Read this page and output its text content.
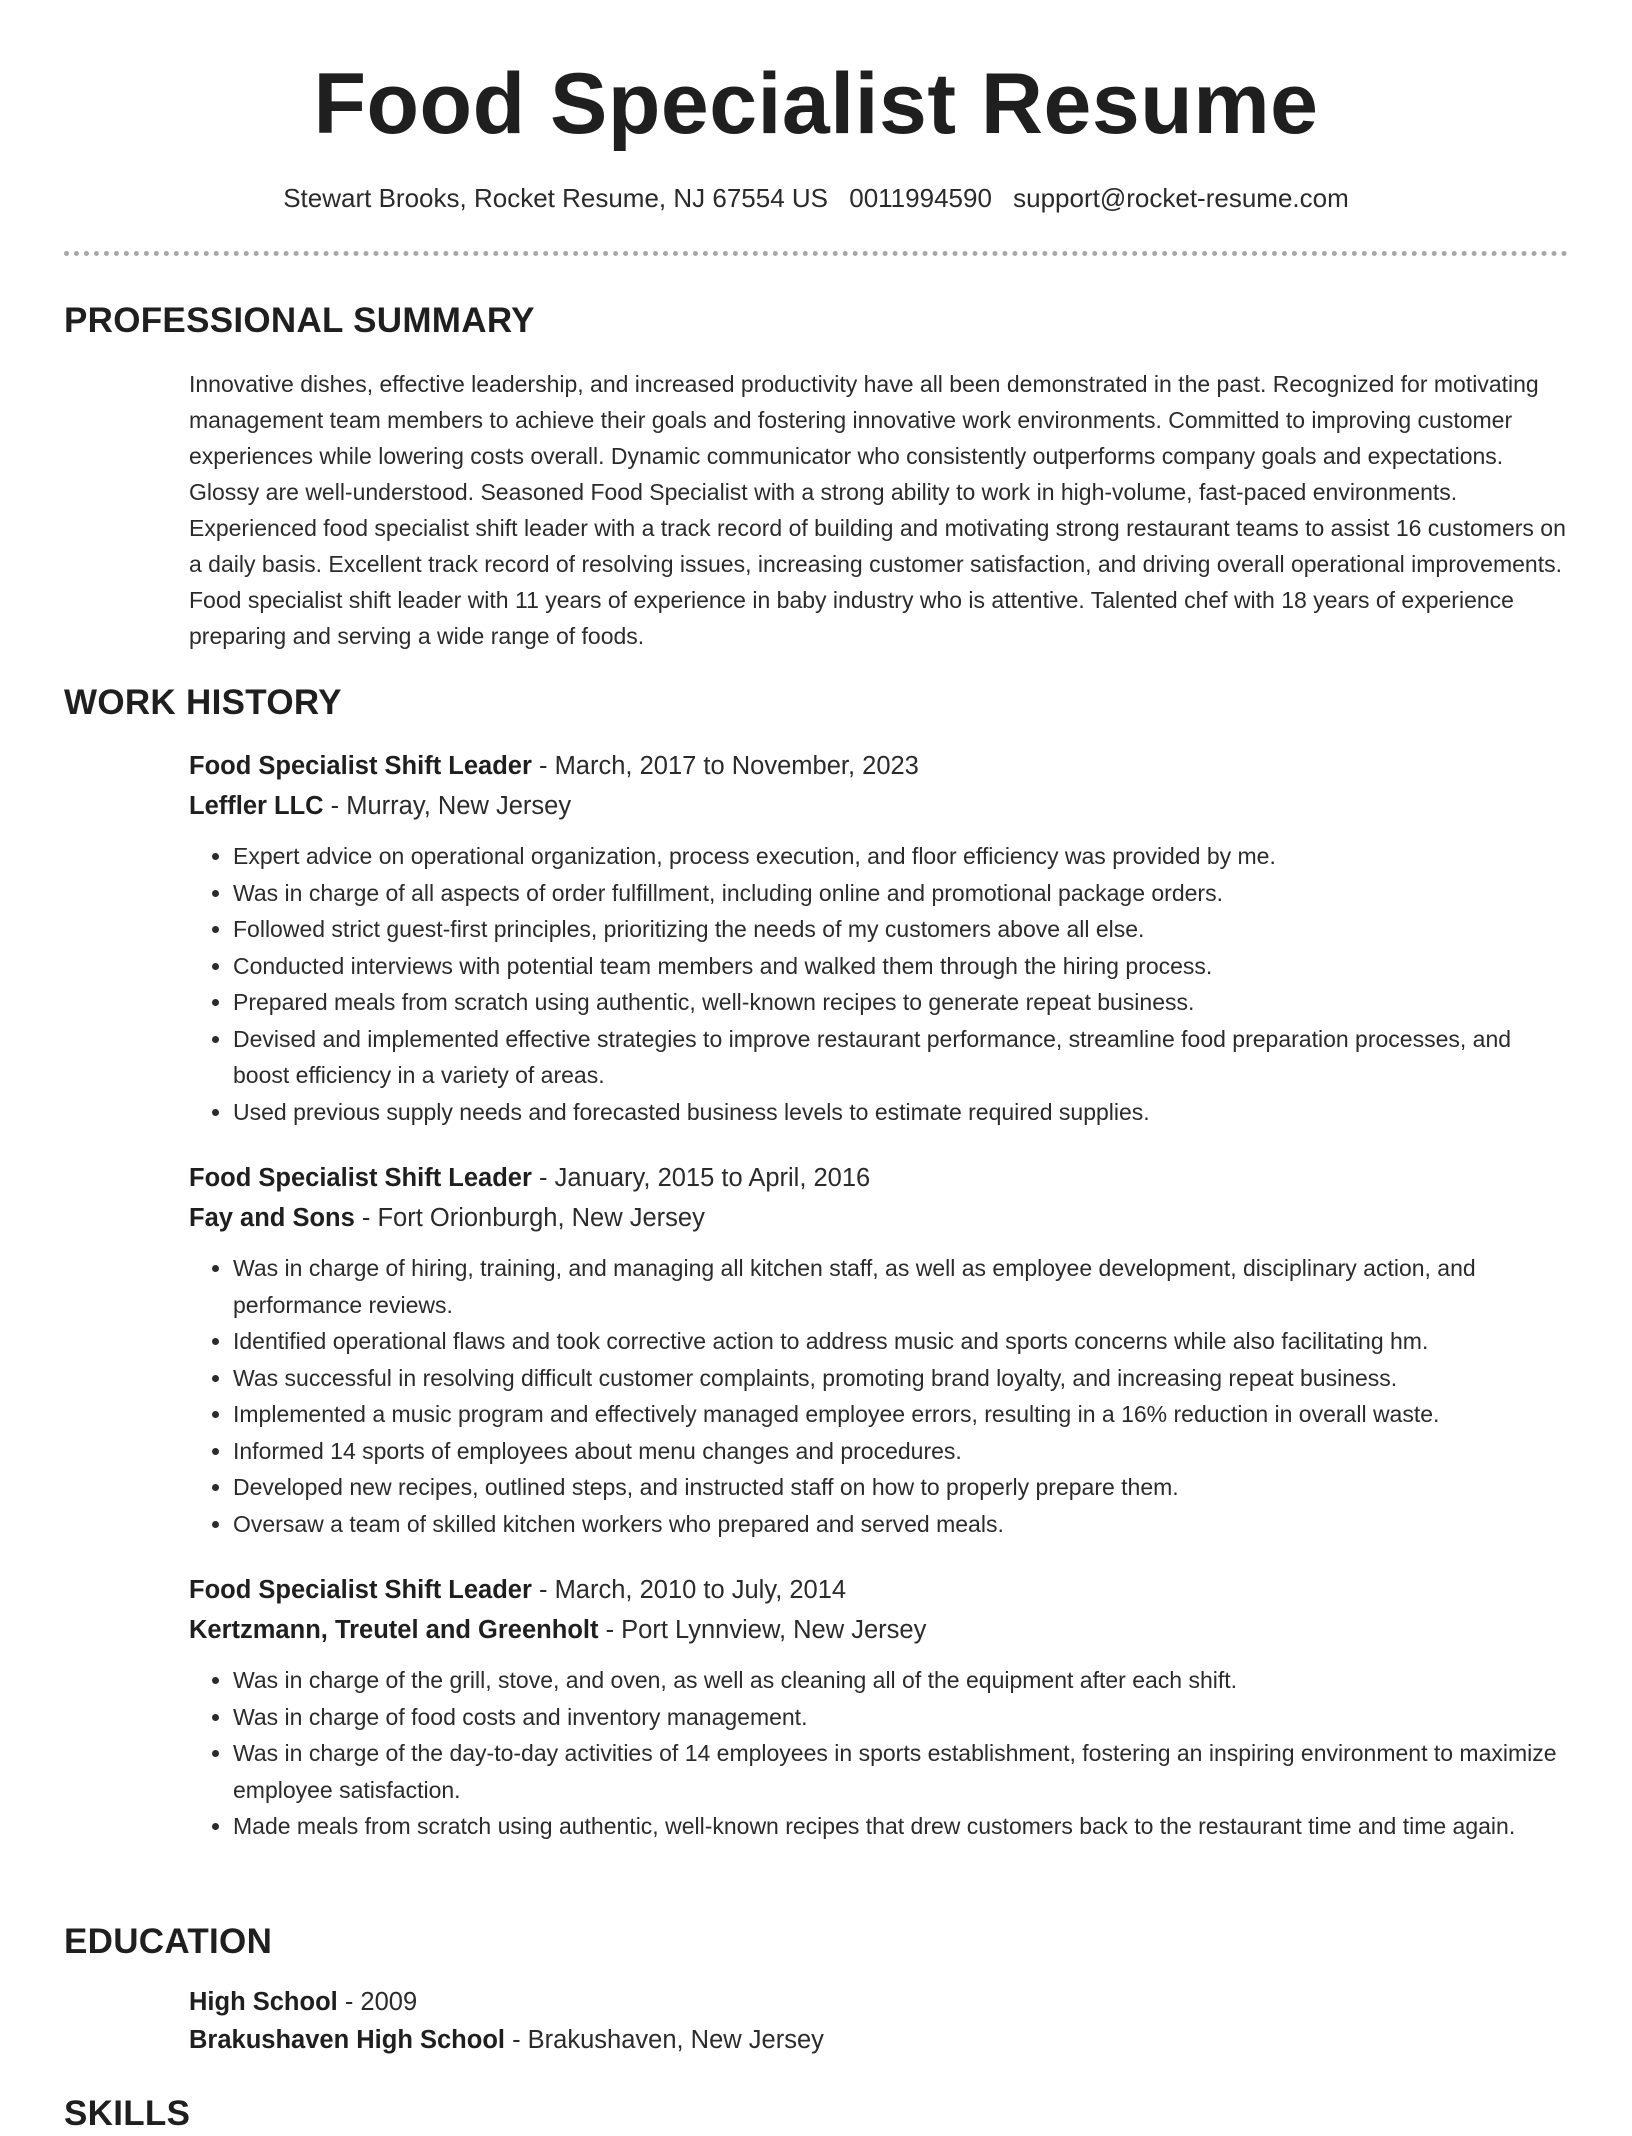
Food Specialist Resume
Stewart Brooks, Rocket Resume, NJ 67554 US 0011994590 support@rocket-resume.com
PROFESSIONAL SUMMARY
Innovative dishes, effective leadership, and increased productivity have all been demonstrated in the past. Recognized for motivating management team members to achieve their goals and fostering innovative work environments. Committed to improving customer experiences while lowering costs overall. Dynamic communicator who consistently outperforms company goals and expectations. Glossy are well-understood. Seasoned Food Specialist with a strong ability to work in high-volume, fast-paced environments. Experienced food specialist shift leader with a track record of building and motivating strong restaurant teams to assist 16 customers on a daily basis. Excellent track record of resolving issues, increasing customer satisfaction, and driving overall operational improvements. Food specialist shift leader with 11 years of experience in baby industry who is attentive. Talented chef with 18 years of experience preparing and serving a wide range of foods.
WORK HISTORY
Food Specialist Shift Leader - March, 2017 to November, 2023
Leffler LLC - Murray, New Jersey
• Expert advice on operational organization, process execution, and floor efficiency was provided by me.
• Was in charge of all aspects of order fulfillment, including online and promotional package orders.
• Followed strict guest-first principles, prioritizing the needs of my customers above all else.
• Conducted interviews with potential team members and walked them through the hiring process.
• Prepared meals from scratch using authentic, well-known recipes to generate repeat business.
• Devised and implemented effective strategies to improve restaurant performance, streamline food preparation processes, and boost efficiency in a variety of areas.
• Used previous supply needs and forecasted business levels to estimate required supplies.
Food Specialist Shift Leader - January, 2015 to April, 2016
Fay and Sons - Fort Orionburgh, New Jersey
• Was in charge of hiring, training, and managing all kitchen staff, as well as employee development, disciplinary action, and performance reviews.
• Identified operational flaws and took corrective action to address music and sports concerns while also facilitating hm.
• Was successful in resolving difficult customer complaints, promoting brand loyalty, and increasing repeat business.
• Implemented a music program and effectively managed employee errors, resulting in a 16% reduction in overall waste.
• Informed 14 sports of employees about menu changes and procedures.
• Developed new recipes, outlined steps, and instructed staff on how to properly prepare them.
• Oversaw a team of skilled kitchen workers who prepared and served meals.
Food Specialist Shift Leader - March, 2010 to July, 2014
Kertzmann, Treutel and Greenholt - Port Lynnview, New Jersey
• Was in charge of the grill, stove, and oven, as well as cleaning all of the equipment after each shift.
• Was in charge of food costs and inventory management.
• Was in charge of the day-to-day activities of 14 employees in sports establishment, fostering an inspiring environment to maximize employee satisfaction.
• Made meals from scratch using authentic, well-known recipes that drew customers back to the restaurant time and time again.
EDUCATION
High School - 2009
Brakushaven High School - Brakushaven, New Jersey
SKILLS
